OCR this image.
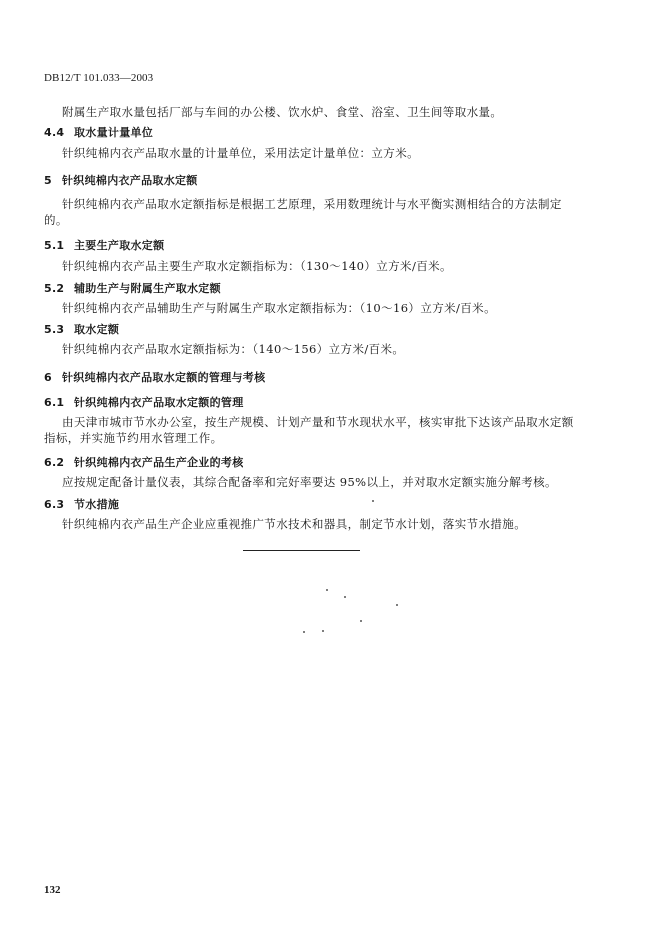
DB12/T 101.033—2003
附属生产取水量包括厂部与车间的办公楼、饮水炉、食堂、浴室、卫生间等取水量。
4.4 取水量计量单位
针织纯棉内衣产品取水量的计量单位，采用法定计量单位：立方米。
5 针织纯棉内衣产品取水定额
针织纯棉内衣产品取水定额指标是根据工艺原理，采用数理统计与水平衡实测相结合的方法制定的。
5.1 主要生产取水定额
针织纯棉内衣产品主要生产取水定额指标为：（130～140）立方米/百米。
5.2 辅助生产与附属生产取水定额
针织纯棉内衣产品辅助生产与附属生产取水定额指标为：（10～16）立方米/百米。
5.3 取水定额
针织纯棉内衣产品取水定额指标为：（140～156）立方米/百米。
6 针织纯棉内衣产品取水定额的管理与考核
6.1 针织纯棉内衣产品取水定额的管理
由天津市城市节水办公室，按生产规模、计划产量和节水现状水平，核实审批下达该产品取水定额指标，并实施节约用水管理工作。
6.2 针织纯棉内衣产品生产企业的考核
应按规定配备计量仪表，其综合配备率和完好率要达 95%以上，并对取水定额实施分解考核。
6.3 节水措施
针织纯棉内衣产品生产企业应重视推广节水技术和器具，制定节水计划，落实节水措施。
132
